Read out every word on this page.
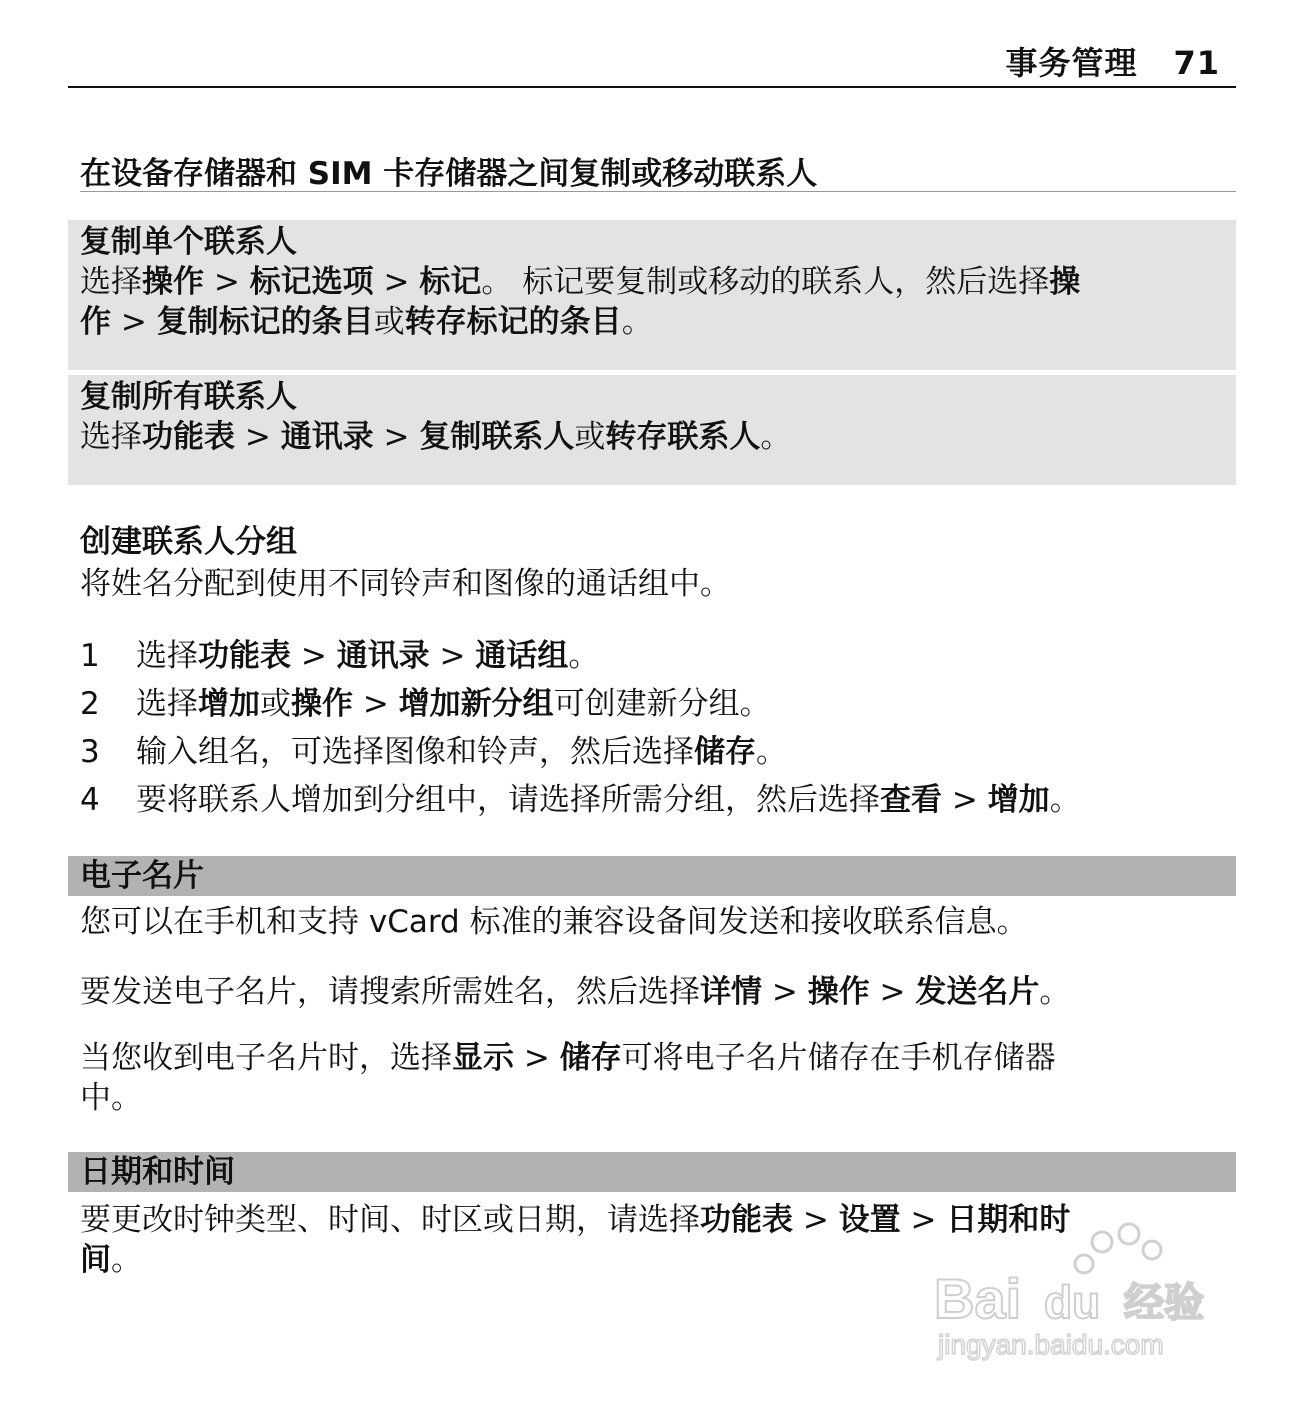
事务管理 71
在设备存储器和 SIM 卡存储器之间复制或移动联系人
复制单个联系人

选择操作 > 标记选项 > 标记。 标记要复制或移动的联系人，然后选择操

作 > 复制标记的条目或转存标记的条目。

复制所有联系人

选择功能表 > 通讯录 > 复制联系人或转存联系人。

创建联系人分组

将姓名分配到使用不同铃声和图像的通话组中。

1 选择功能表 > 通讯录 > 通话组。
2 选择增加或操作 > 增加新分组可创建新分组。
3 输入组名，可选择图像和铃声，然后选择储存。
4 要将联系人增加到分组中，请选择所需分组，然后选择查看 > 增加。
电子名片

您可以在手机和支持 vCard 标准的兼容设备间发送和接收联系信息。

要发送电子名片，请搜索所需姓名，然后选择详情 > 操作 > 发送名片。

当您收到电子名片时，选择显示 > 储存可将电子名片储存在手机存储器

中。

日期和时间

要更改时钟类型、时间、时区或日期，请选择功能表 > 设置 > 日期和时

间。

Bai du 经验
jingyan.baidu.com
